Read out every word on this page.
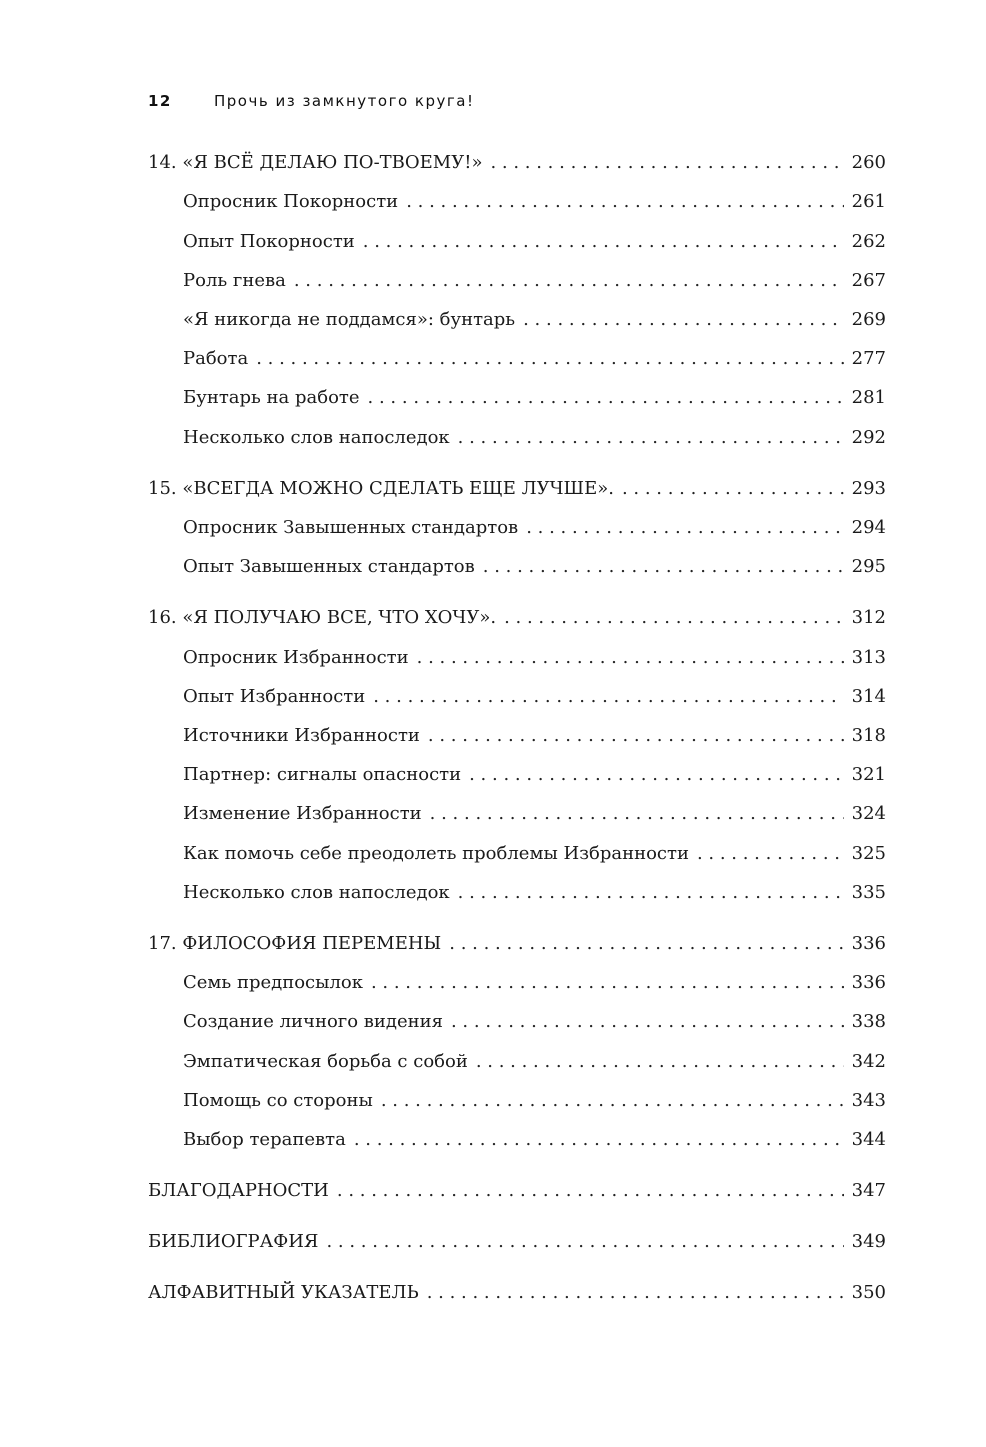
12	Прочь из замкнутого круга!
14. «Я ВСЁ ДЕЛАЮ ПО-ТВОЕМУ!» . . .	260
Опросник Покорности . . .	261
Опыт Покорности . . .	262
Роль гнева . . .	267
«Я никогда не поддамся»: бунтарь . . .	269
Работа . . .	277
Бунтарь на работе . . .	281
Несколько слов напоследок . . .	292
15. «ВСЕГДА МОЖНО СДЕЛАТЬ ЕЩЕ ЛУЧШЕ». . . .	293
Опросник Завышенных стандартов . . .	294
Опыт Завышенных стандартов . . .	295
16. «Я ПОЛУЧАЮ ВСЕ, ЧТО ХОЧУ». . . .	312
Опросник Избранности . . .	313
Опыт Избранности . . .	314
Источники Избранности . . .	318
Партнер: сигналы опасности . . .	321
Изменение Избранности . . .	324
Как помочь себе преодолеть проблемы Избранности . . .	325
Несколько слов напоследок . . .	335
17. ФИЛОСОФИЯ ПЕРЕМЕНЫ . . .	336
Семь предпосылок . . .	336
Создание личного видения . . .	338
Эмпатическая борьба с собой . . .	342
Помощь со стороны . . .	343
Выбор терапевта . . .	344
БЛАГОДАРНОСТИ . . .	347
БИБЛИОГРАФИЯ . . .	349
АЛФАВИТНЫЙ УКАЗАТЕЛЬ . . .	350
